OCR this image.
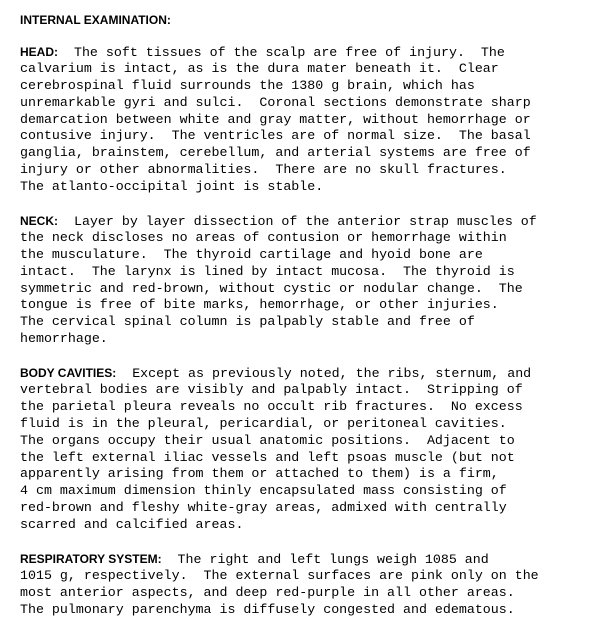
INTERNAL EXAMINATION:
HEAD:  The soft tissues of the scalp are free of injury.  The
calvarium is intact, as is the dura mater beneath it.  Clear
cerebrospinal fluid surrounds the 1380 g brain, which has
unremarkable gyri and sulci.  Coronal sections demonstrate sharp
demarcation between white and gray matter, without hemorrhage or
contusive injury.  The ventricles are of normal size.  The basal
ganglia, brainstem, cerebellum, and arterial systems are free of
injury or other abnormalities.  There are no skull fractures.
The atlanto-occipital joint is stable.
NECK:  Layer by layer dissection of the anterior strap muscles of
the neck discloses no areas of contusion or hemorrhage within
the musculature.  The thyroid cartilage and hyoid bone are
intact.  The larynx is lined by intact mucosa.  The thyroid is
symmetric and red-brown, without cystic or nodular change.  The
tongue is free of bite marks, hemorrhage, or other injuries.
The cervical spinal column is palpably stable and free of
hemorrhage.
BODY CAVITIES:  Except as previously noted, the ribs, sternum, and
vertebral bodies are visibly and palpably intact.  Stripping of
the parietal pleura reveals no occult rib fractures.  No excess
fluid is in the pleural, pericardial, or peritoneal cavities.
The organs occupy their usual anatomic positions.  Adjacent to
the left external iliac vessels and left psoas muscle (but not
apparently arising from them or attached to them) is a firm,
4 cm maximum dimension thinly encapsulated mass consisting of
red-brown and fleshy white-gray areas, admixed with centrally
scarred and calcified areas.
RESPIRATORY SYSTEM:  The right and left lungs weigh 1085 and
1015 g, respectively.  The external surfaces are pink only on the
most anterior aspects, and deep red-purple in all other areas.
The pulmonary parenchyma is diffusely congested and edematous.
